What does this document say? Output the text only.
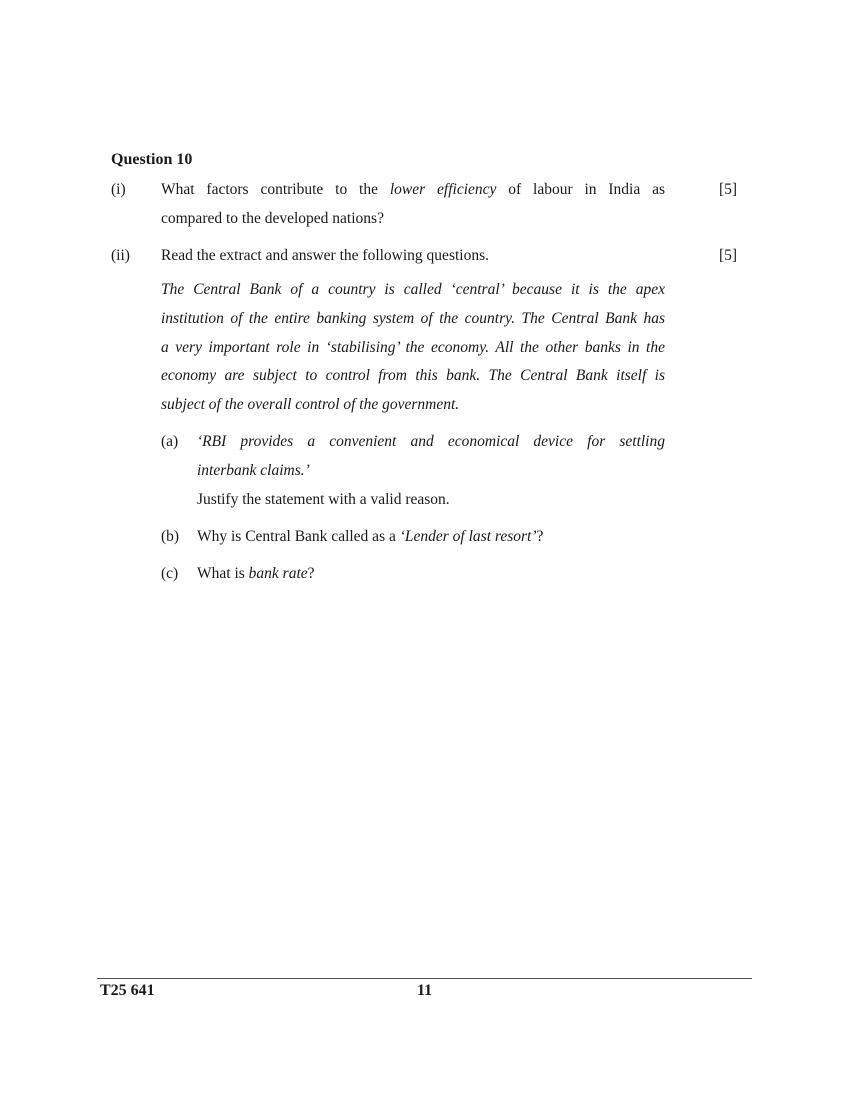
Question 10
(i) What factors contribute to the lower efficiency of labour in India as
compared to the developed nations?
[5]
(ii) Read the extract and answer the following questions.	[5]
The Central Bank of a country is called ‘central’ because it is the apex
institution of the entire banking system of the country. The Central Bank has
a very important role in ‘stabilising’ the economy. All the other banks in the
economy are subject to control from this bank. The Central Bank itself is
subject of the overall control of the government.
(a) ‘RBI provides a convenient and economical device for settling
interbank claims.’
Justify the statement with a valid reason.
(b) Why is Central Bank called as a ‘Lender of last resort’?
(c) What is bank rate?
T25 641	11
